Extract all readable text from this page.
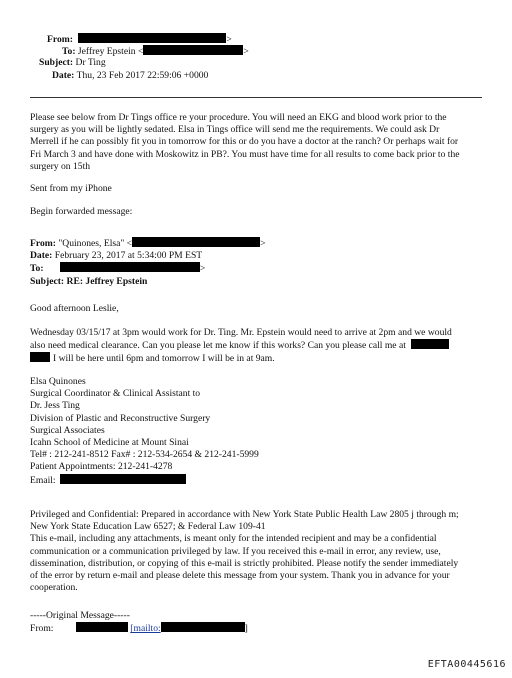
From:	>
To: Jeffrey Epstein <	>
Subject: Dr Ting
Date: Thu, 23 Feb 2017 22:59:06 +0000
Please see below from Dr Tings office re your procedure. You will need an EKG and blood work prior to the
surgery as you will be lightly sedated. Elsa in Tings office will send me the requirements. We could ask Dr
Merrell if he can possibly fit you in tomorrow for this or do you have a doctor at the ranch? Or perhaps wait for
Fri March 3 and have done with Moskowitz in PB?. You must have time for all results to come back prior to the
surgery on 15th
Sent from my iPhone
Begin forwarded message:
From: "Quinones, Elsa" <	>
Date: February 23, 2017 at 5:34:00 PM EST
To:	>
Subject: RE: Jeffrey Epstein
Good afternoon Leslie,
Wednesday 03/15/17 at 3pm would work for Dr. Ting. Mr. Epstein would need to arrive at 2pm and we would
also need medical clearance. Can you please let me know if this works? Can you please call me at
I will be here until 6pm and tomorrow I will be in at 9am.
Elsa Quinones
Surgical Coordinator & Clinical Assistant to
Dr. Jess Ting
Division of Plastic and Reconstructive Surgery
Surgical Associates
Icahn School of Medicine at Mount Sinai
Tel# : 212-241-8512 Fax# : 212-534-2654 & 212-241-5999
Patient Appointments: 212-241-4278
Email:
Privileged and Confidential: Prepared in accordance with New York State Public Health Law 2805 j through m;
New York State Education Law 6527; & Federal Law 109-41
This e-mail, including any attachments, is meant only for the intended recipient and may be a confidential
communication or a communication privileged by law. If you received this e-mail in error, any review, use,
dissemination, distribution, or copying of this e-mail is strictly prohibited. Please notify the sender immediately
of the error by return e-mail and please delete this message from your system. Thank you in advance for your
cooperation.
-----Original Message-----
From:	[mailto:	]
EFTA00445616
